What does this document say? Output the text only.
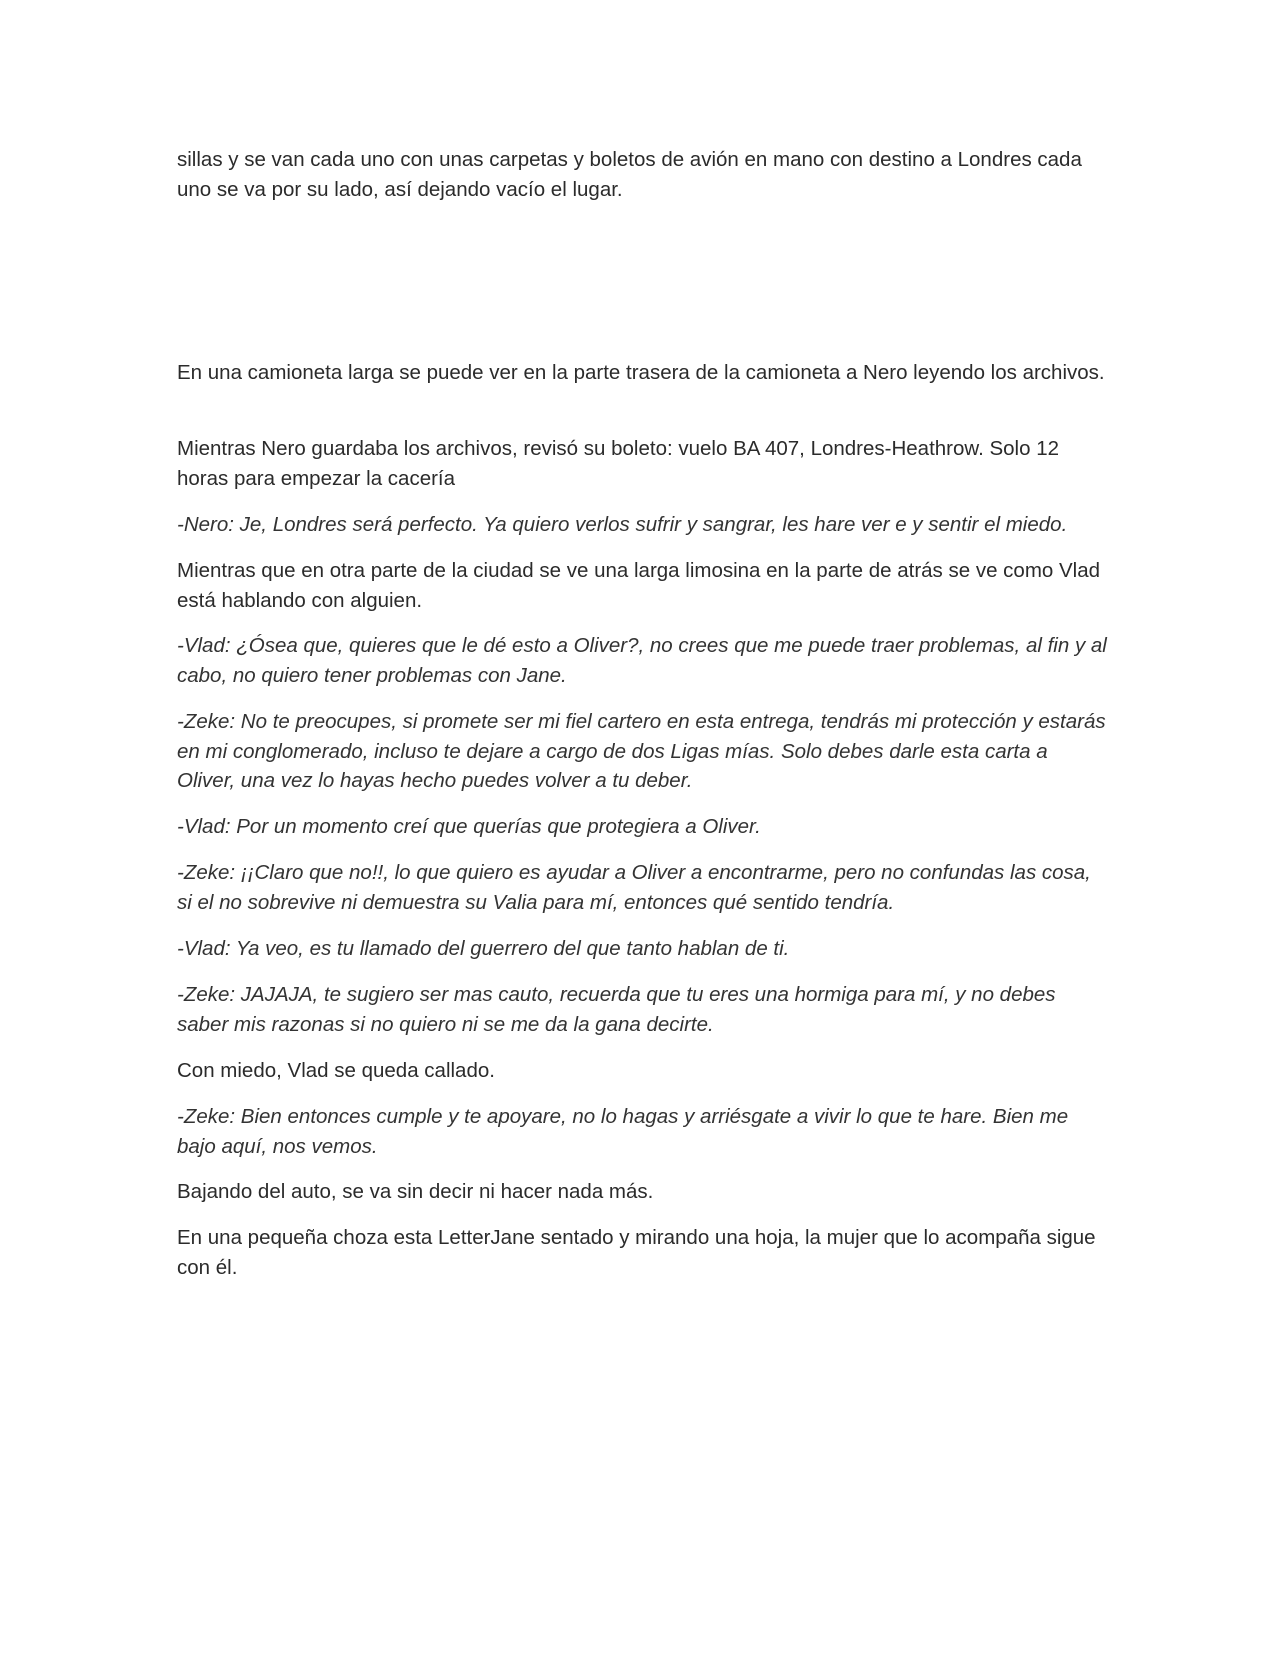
sillas y se van cada uno con unas carpetas y boletos de avión en mano con destino a Londres cada uno se va por su lado, así dejando vacío el lugar.

En una camioneta larga se puede ver en la parte trasera de la camioneta a Nero leyendo los archivos.

Mientras Nero guardaba los archivos, revisó su boleto: vuelo BA 407, Londres-Heathrow. Solo 12 horas para empezar la cacería

-Nero: Je, Londres será perfecto. Ya quiero verlos sufrir y sangrar, les hare ver e y sentir el miedo.

Mientras que en otra parte de la ciudad se ve una larga limosina en la parte de atrás se ve como Vlad está hablando con alguien.

-Vlad: ¿Ósea que, quieres que le dé esto a Oliver?, no crees que me puede traer problemas, al fin y al cabo, no quiero tener problemas con Jane.

-Zeke: No te preocupes, si promete ser mi fiel cartero en esta entrega, tendrás mi protección y estarás en mi conglomerado, incluso te dejare a cargo de dos Ligas mías. Solo debes darle esta carta a Oliver, una vez lo hayas hecho puedes volver a tu deber.

-Vlad: Por un momento creí que querías que protegiera a Oliver.

-Zeke: ¡¡Claro que no!!, lo que quiero es ayudar a Oliver a encontrarme, pero no confundas las cosa, si el no sobrevive ni demuestra su Valia para mí, entonces qué sentido tendría.

-Vlad: Ya veo, es tu llamado del guerrero del que tanto hablan de ti.

-Zeke: JAJAJA, te sugiero ser mas cauto, recuerda que tu eres una hormiga para mí, y no debes saber mis razonas si no quiero ni se me da la gana decirte.

Con miedo, Vlad se queda callado.

-Zeke: Bien entonces cumple y te apoyare, no lo hagas y arriésgate a vivir lo que te hare. Bien me bajo aquí, nos vemos.

Bajando del auto, se va sin decir ni hacer nada más.

En una pequeña choza esta LetterJane sentado y mirando una hoja, la mujer que lo acompaña sigue con él.
